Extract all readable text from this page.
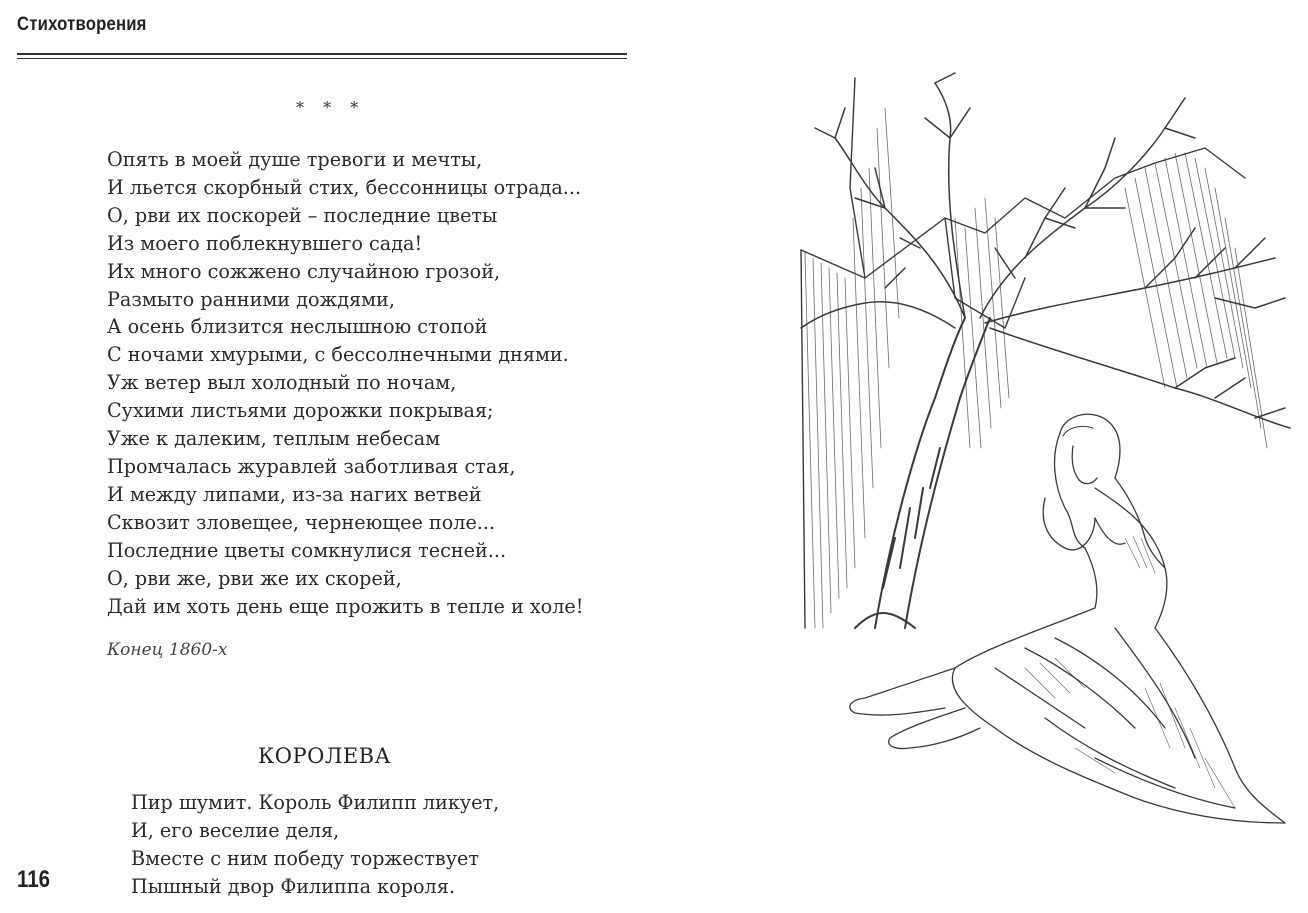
Стихотворения
* * *
Опять в моей душе тревоги и мечты,
И льется скорбный стих, бессонницы отрада...
О, рви их поскорей – последние цветы
Из моего поблекнувшего сада!
Их много сожжено случайною грозой,
Размыто ранними дождями,
А осень близится неслышною стопой
С ночами хмурыми, с бессолнечными днями.
Уж ветер выл холодный по ночам,
Сухими листьями дорожки покрывая;
Уже к далеким, теплым небесам
Промчалась журавлей заботливая стая,
И между липами, из-за нагих ветвей
Сквозит зловещее, чернеющее поле...
Последние цветы сомкнулися тесней...
О, рви же, рви же их скорей,
Дай им хоть день еще прожить в тепле и холе!
Конец 1860-х
КОРОЛЕВА
Пир шумит. Король Филипп ликует,
И, его веселие деля,
Вместе с ним победу торжествует
Пышный двор Филиппа короля.
116
